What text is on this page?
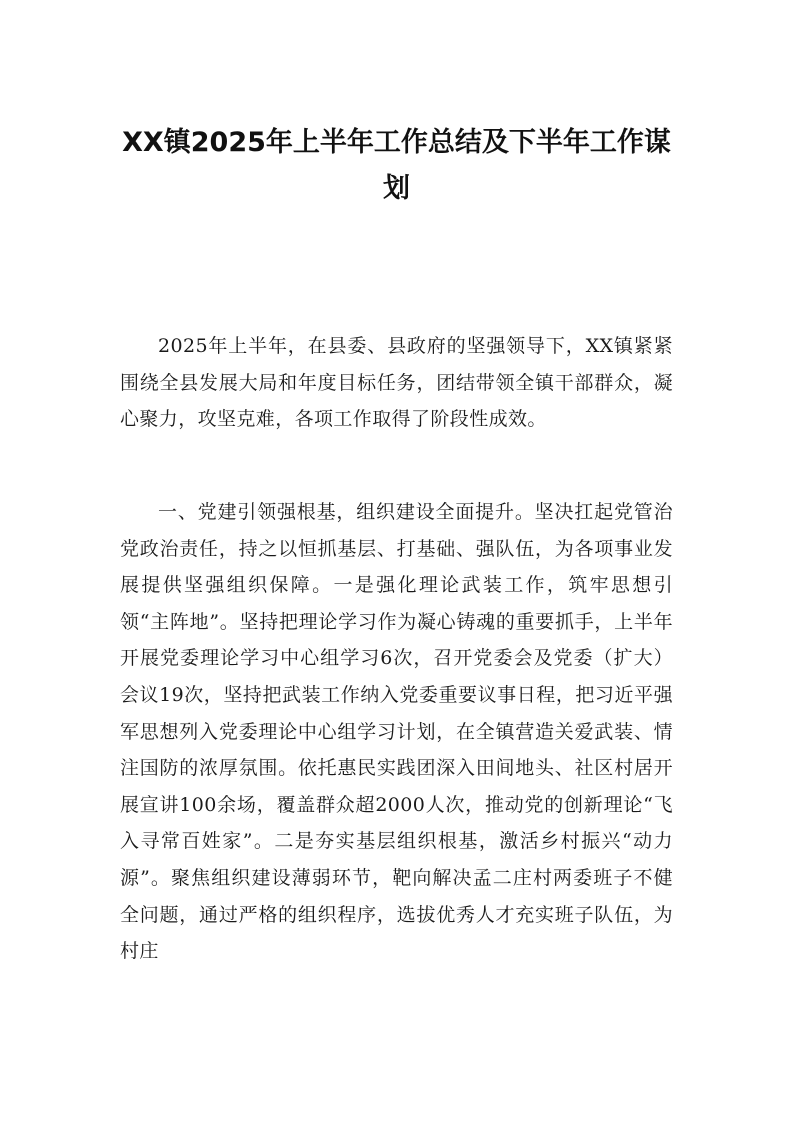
XX镇2025年上半年工作总结及下半年工作谋划

2025年上半年，在县委、县政府的坚强领导下，XX镇紧紧围绕全县发展大局和年度目标任务，团结带领全镇干部群众，凝心聚力，攻坚克难，各项工作取得了阶段性成效。

一、党建引领强根基，组织建设全面提升。坚决扛起党管治党政治责任，持之以恒抓基层、打基础、强队伍，为各项事业发展提供坚强组织保障。一是强化理论武装工作，筑牢思想引领“主阵地”。坚持把理论学习作为凝心铸魂的重要抓手，上半年开展党委理论学习中心组学习6次，召开党委会及党委（扩大）会议19次，坚持把武装工作纳入党委重要议事日程，把习近平强军思想列入党委理论中心组学习计划，在全镇营造关爱武装、情注国防的浓厚氛围。依托惠民实践团深入田间地头、社区村居开展宣讲100余场，覆盖群众超2000人次，推动党的创新理论“飞入寻常百姓家”。二是夯实基层组织根基，激活乡村振兴“动力源”。聚焦组织建设薄弱环节，靶向解决孟二庄村两委班子不健全问题，通过严格的组织程序，选拔优秀人才充实班子队伍，为村庄
